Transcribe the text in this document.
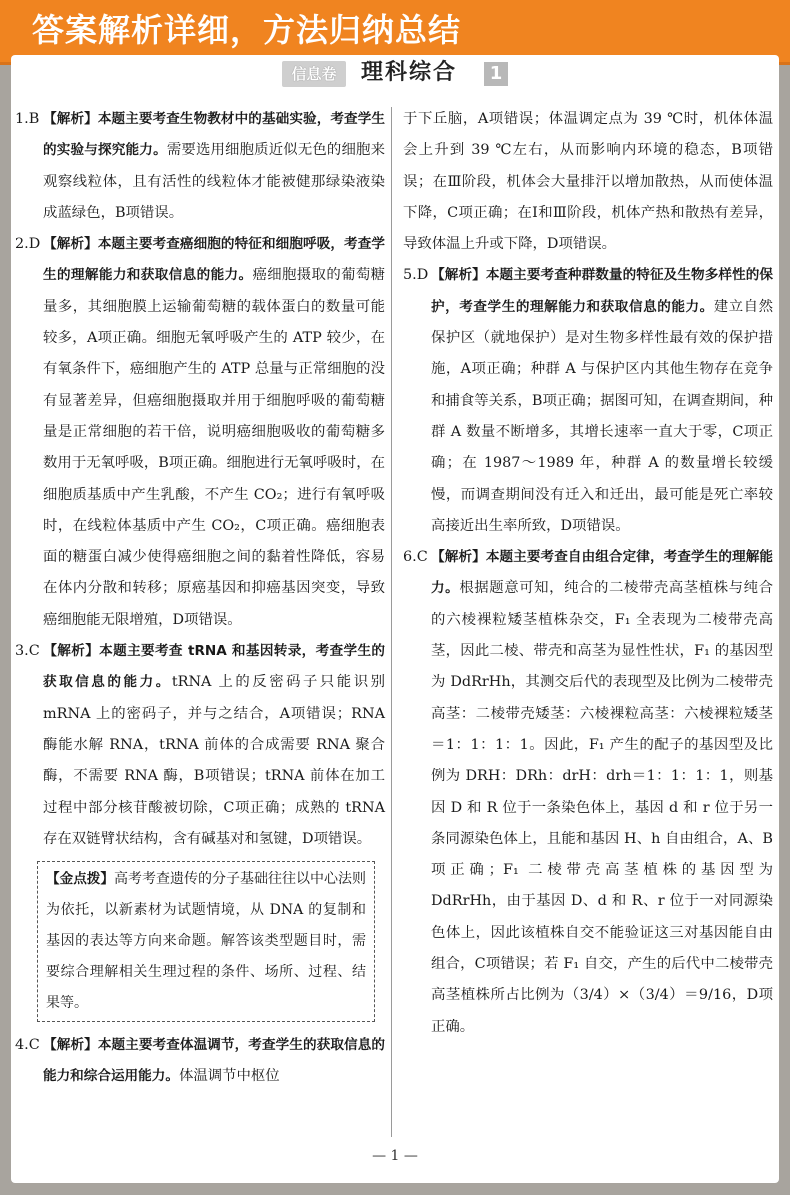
答案解析详细，方法归纳总结
信息卷	理科综合	1

1.B 【解析】本题主要考查生物教材中的基础实验，考查学生的实验与探究能力。需要选用细胞质近似无色的细胞来观察线粒体，且有活性的线粒体才能被健那绿染液染成蓝绿色，B项错误。

2.D 【解析】本题主要考查癌细胞的特征和细胞呼吸，考查学生的理解能力和获取信息的能力。癌细胞摄取的葡萄糖量多，其细胞膜上运输葡萄糖的载体蛋白的数量可能较多，A项正确。细胞无氧呼吸产生的 ATP 较少，在有氧条件下，癌细胞产生的 ATP 总量与正常细胞的没有显著差异，但癌细胞摄取并用于细胞呼吸的葡萄糖量是正常细胞的若干倍，说明癌细胞吸收的葡萄糖多数用于无氧呼吸，B项正确。细胞进行无氧呼吸时，在细胞质基质中产生乳酸，不产生 CO₂；进行有氧呼吸时，在线粒体基质中产生 CO₂，C项正确。癌细胞表面的糖蛋白减少使得癌细胞之间的黏着性降低，容易在体内分散和转移；原癌基因和抑癌基因突变，导致癌细胞能无限增殖，D项错误。

3.C 【解析】本题主要考查 tRNA 和基因转录，考查学生的获取信息的能力。tRNA 上的反密码子只能识别 mRNA 上的密码子，并与之结合，A项错误；RNA 酶能水解 RNA，tRNA 前体的合成需要 RNA 聚合酶，不需要 RNA 酶，B项错误；tRNA 前体在加工过程中部分核苷酸被切除，C项正确；成熟的 tRNA 存在双链臂状结构，含有碱基对和氢键，D项错误。

【金点拨】高考考查遗传的分子基础往往以中心法则为依托，以新素材为试题情境，从 DNA 的复制和基因的表达等方向来命题。解答该类型题目时，需要综合理解相关生理过程的条件、场所、过程、结果等。

4.C 【解析】本题主要考查体温调节，考查学生的获取信息的能力和综合运用能力。体温调节中枢位

于下丘脑，A项错误；体温调定点为 39 ℃时，机体体温会上升到 39 ℃左右，从而影响内环境的稳态，B项错误；在Ⅲ阶段，机体会大量排汗以增加散热，从而使体温下降，C项正确；在Ⅰ和Ⅲ阶段，机体产热和散热有差异，导致体温上升或下降，D项错误。

5.D 【解析】本题主要考查种群数量的特征及生物多样性的保护，考查学生的理解能力和获取信息的能力。建立自然保护区（就地保护）是对生物多样性最有效的保护措施，A项正确；种群 A 与保护区内其他生物存在竞争和捕食等关系，B项正确；据图可知，在调查期间，种群 A 数量不断增多，其增长速率一直大于零，C项正确；在 1987～1989 年，种群 A 的数量增长较缓慢，而调查期间没有迁入和迁出，最可能是死亡率较高接近出生率所致，D项错误。

6.C 【解析】本题主要考查自由组合定律，考查学生的理解能力。根据题意可知，纯合的二棱带壳高茎植株与纯合的六棱裸粒矮茎植株杂交，F₁ 全表现为二棱带壳高茎，因此二棱、带壳和高茎为显性性状，F₁ 的基因型为 DdRrHh，其测交后代的表现型及比例为二棱带壳高茎：二棱带壳矮茎：六棱裸粒高茎：六棱裸粒矮茎＝1：1：1：1。因此，F₁ 产生的配子的基因型及比例为 DRH：DRh：drH：drh＝1：1：1：1，则基因 D 和 R 位于一条染色体上，基因 d 和 r 位于另一条同源染色体上，且能和基因 H、h 自由组合，A、B项正确；F₁ 二棱带壳高茎植株的基因型为 DdRrHh，由于基因 D、d 和 R、r 位于一对同源染色体上，因此该植株自交不能验证这三对基因能自由组合，C项错误；若 F₁ 自交，产生的后代中二棱带壳高茎植株所占比例为（3/4）×（3/4）＝9/16，D项正确。

— 1 —
